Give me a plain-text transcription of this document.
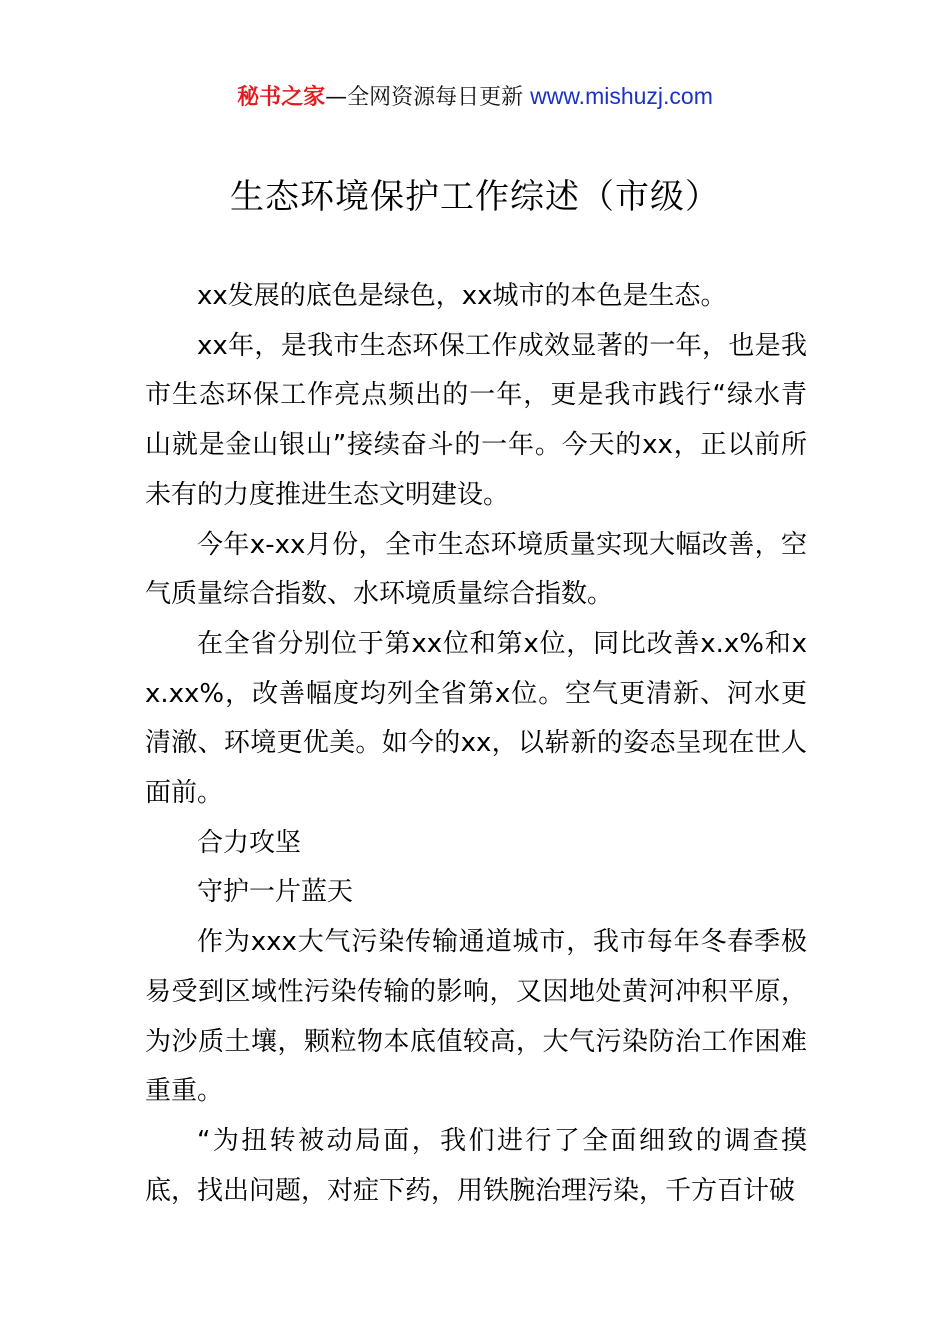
秘书之家—全网资源每日更新 www.mishuzj.com
生态环境保护工作综述（市级）

xx发展的底色是绿色，xx城市的本色是生态。

xx年，是我市生态环保工作成效显著的一年，也是我市生态环保工作亮点频出的一年，更是我市践行“绿水青山就是金山银山”接续奋斗的一年。今天的xx，正以前所未有的力度推进生态文明建设。

今年x-xx月份，全市生态环境质量实现大幅改善，空气质量综合指数、水环境质量综合指数。

在全省分别位于第xx位和第x位，同比改善x.x%和xx.xx%，改善幅度均列全省第x位。空气更清新、河水更清澈、环境更优美。如今的xx，以崭新的姿态呈现在世人面前。

合力攻坚

守护一片蓝天

作为xxx大气污染传输通道城市，我市每年冬春季极易受到区域性污染传输的影响，又因地处黄河冲积平原，为沙质土壤，颗粒物本底值较高，大气污染防治工作困难重重。

“为扭转被动局面，我们进行了全面细致的调查摸底，找出问题，对症下药，用铁腕治理污染，千方百计破
